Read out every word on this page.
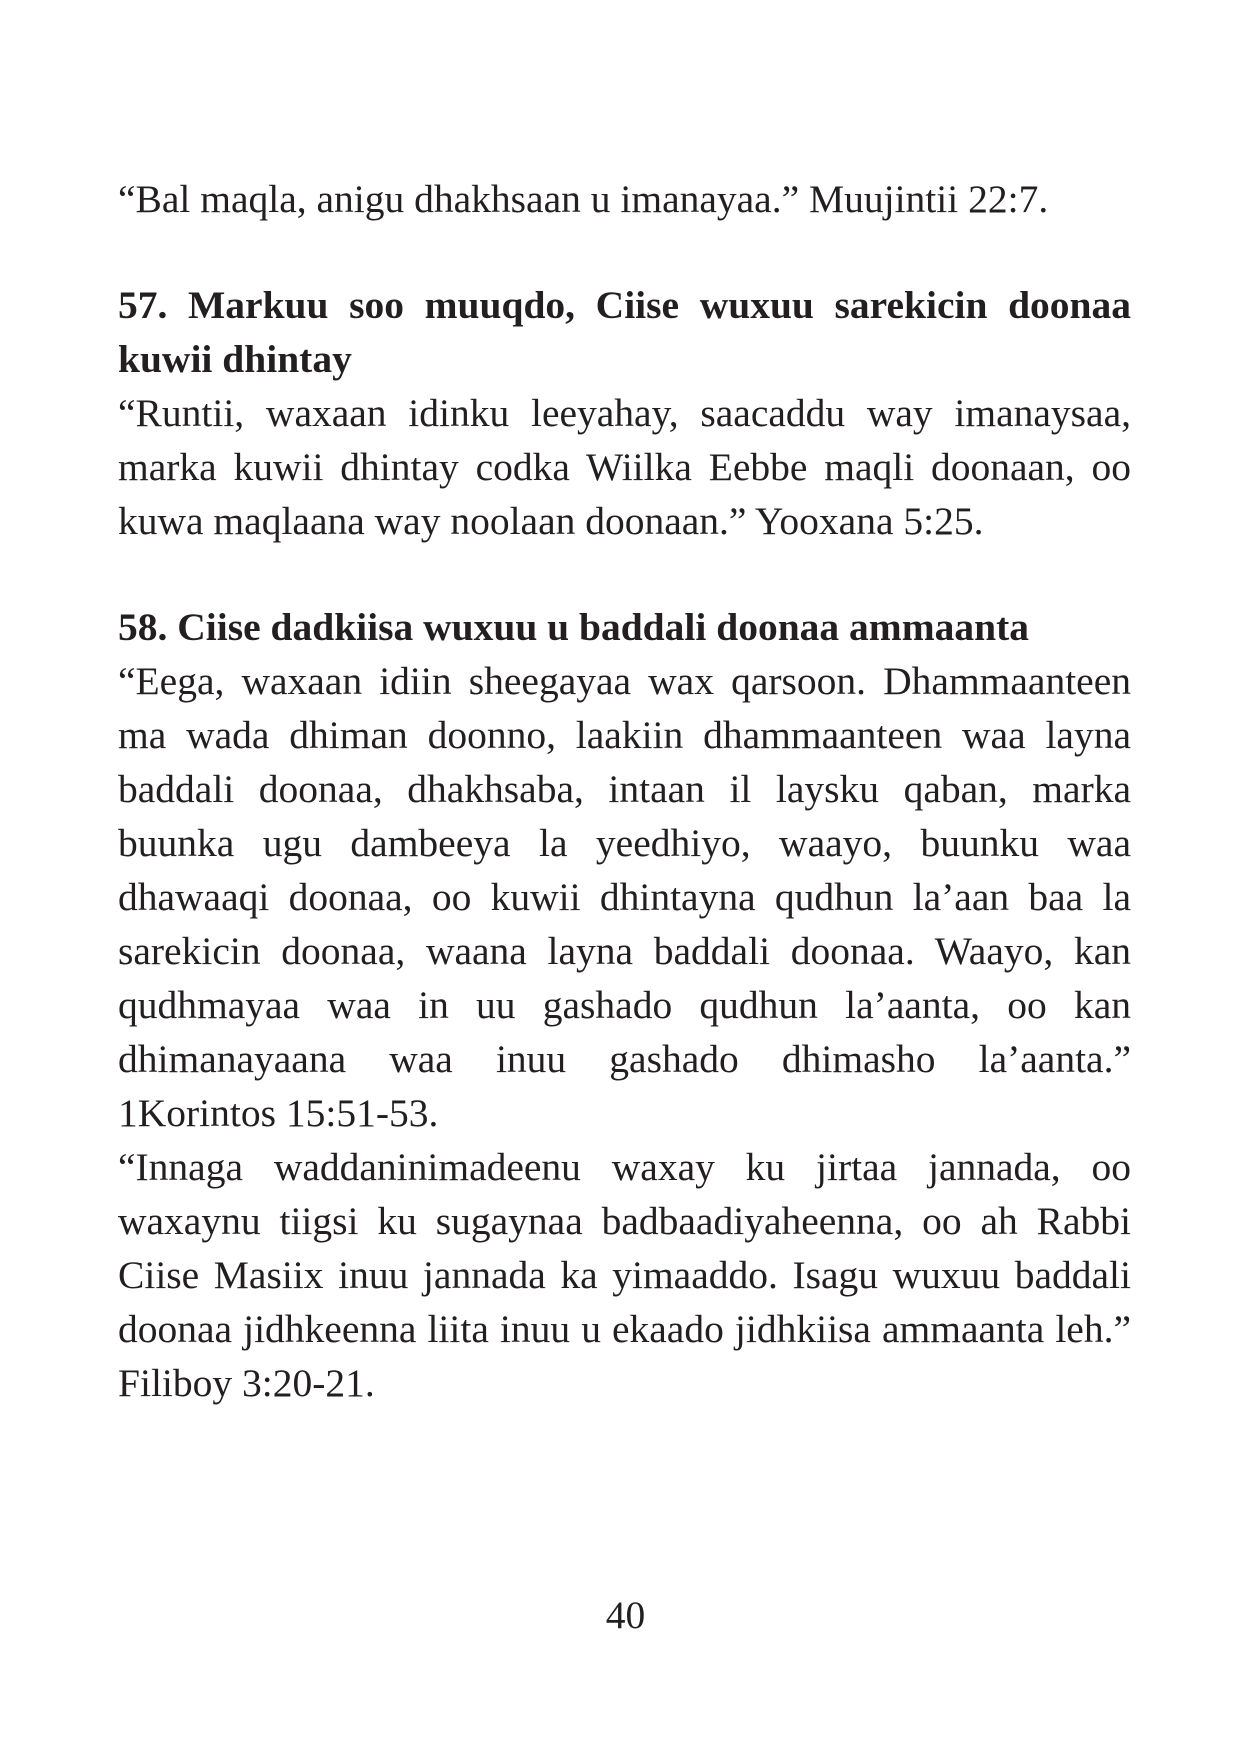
“Bal maqla, anigu dhakhsaan u imanayaa.” Muujintii 22:7.

57. Markuu soo muuqdo, Ciise wuxuu sarekicin doonaa kuwii dhintay

“Runtii, waxaan idinku leeyahay, saacaddu way imanaysaa, marka kuwii dhintay codka Wiilka Eebbe maqli doonaan, oo kuwa maqlaana way noolaan doonaan.” Yooxana 5:25.

58. Ciise dadkiisa wuxuu u baddali doonaa ammaanta

“Eega, waxaan idiin sheegayaa wax qarsoon. Dhammaanteen ma wada dhiman doonno, laakiin dhammaanteen waa layna baddali doonaa, dhakhsaba, intaan il laysku qaban, marka buunka ugu dambeeya la yeedhiyo, waayo, buunku waa dhawaaqi doonaa, oo kuwii dhintayna qudhun la’aan baa la sarekicin doonaa, waana layna baddali doonaa. Waayo, kan qudhmayaa waa in uu gashado qudhun la’aanta, oo kan dhimanayaana waa inuu gashado dhimasho la’aanta.” 1Korintos 15:51-53.

“Innaga waddaninimadeenu waxay ku jirtaa jannada, oo waxaynu tiigsi ku sugaynaa badbaadiyaheenna, oo ah Rabbi Ciise Masiix inuu jannada ka yimaaddo. Isagu wuxuu baddali doonaa jidhkeenna liita inuu u ekaado jidhkiisa ammaanta leh.” Filiboy 3:20-21.

40
